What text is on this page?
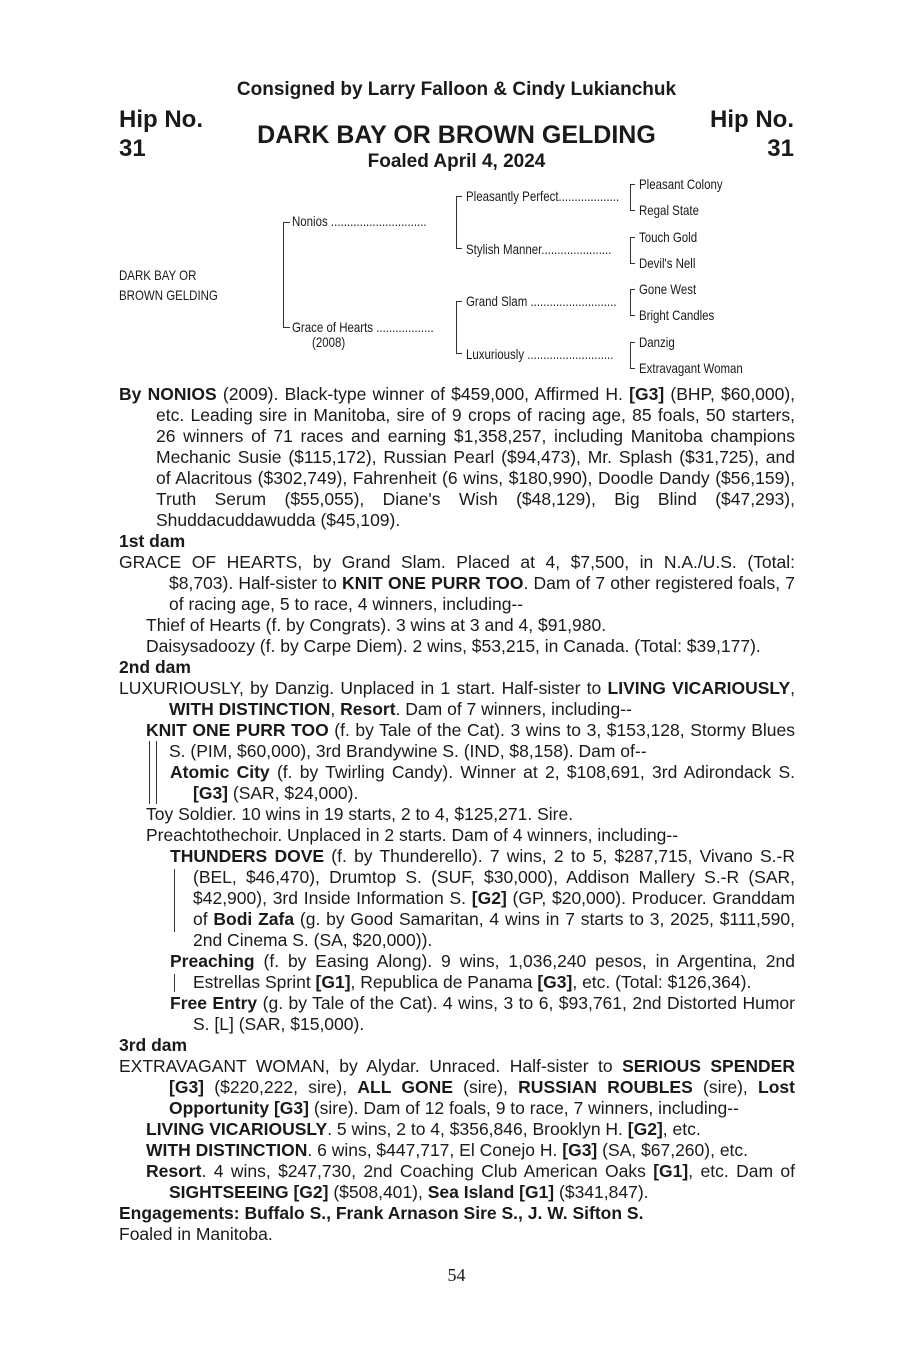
Consigned by Larry Falloon & Cindy Lukianchuk
Hip No.
31
Hip No.
31
DARK BAY OR BROWN GELDING
Foaled April 4, 2024
DARK BAY OR
BROWN GELDING
Nonios ..............................
Grace of Hearts ..................
(2008)
Pleasantly Perfect...................
Stylish Manner......................
Grand Slam ...........................
Luxuriously ...........................
Pleasant Colony
Regal State
Touch Gold
Devil's Nell
Gone West
Bright Candles
Danzig
Extravagant Woman

By NONIOS (2009). Black-type winner of $459,000, Affirmed H. [G3] (BHP, $60,000), etc. Leading sire in Manitoba, sire of 9 crops of racing age, 85 foals, 50 starters, 26 winners of 71 races and earning $1,358,257, including Manitoba champions Mechanic Susie ($115,172), Russian Pearl ($94,473), Mr. Splash ($31,725), and of Alacritous ($302,749), Fahrenheit (6 wins, $180,990), Doodle Dandy ($56,159), Truth Serum ($55,055), Diane's Wish ($48,129), Big Blind ($47,293), Shuddacuddawudda ($45,109).

1st dam

GRACE OF HEARTS, by Grand Slam. Placed at 4, $7,500, in N.A./U.S. (Total: $8,703). Half-sister to KNIT ONE PURR TOO. Dam of 7 other registered foals, 7 of racing age, 5 to race, 4 winners, including--

Thief of Hearts (f. by Congrats). 3 wins at 3 and 4, $91,980.

Daisysadoozy (f. by Carpe Diem). 2 wins, $53,215, in Canada. (Total: $39,177).

2nd dam

LUXURIOUSLY, by Danzig. Unplaced in 1 start. Half-sister to LIVING VICARIOUSLY, WITH DISTINCTION, Resort. Dam of 7 winners, including--

KNIT ONE PURR TOO (f. by Tale of the Cat). 3 wins to 3, $153,128, Stormy Blues S. (PIM, $60,000), 3rd Brandywine S. (IND, $8,158). Dam of--

Atomic City (f. by Twirling Candy). Winner at 2, $108,691, 3rd Adirondack S. [G3] (SAR, $24,000).

Toy Soldier. 10 wins in 19 starts, 2 to 4, $125,271. Sire.

Preachtothechoir. Unplaced in 2 starts. Dam of 4 winners, including--

THUNDERS DOVE (f. by Thunderello). 7 wins, 2 to 5, $287,715, Vivano S.-R (BEL, $46,470), Drumtop S. (SUF, $30,000), Addison Mallery S.-R (SAR, $42,900), 3rd Inside Information S. [G2] (GP, $20,000). Producer. Granddam of Bodi Zafa (g. by Good Samaritan, 4 wins in 7 starts to 3, 2025, $111,590, 2nd Cinema S. (SA, $20,000)).

Preaching (f. by Easing Along). 9 wins, 1,036,240 pesos, in Argentina, 2nd Estrellas Sprint [G1], Republica de Panama [G3], etc. (Total: $126,364).

Free Entry (g. by Tale of the Cat). 4 wins, 3 to 6, $93,761, 2nd Distorted Humor S. [L] (SAR, $15,000).

3rd dam

EXTRAVAGANT WOMAN, by Alydar. Unraced. Half-sister to SERIOUS SPENDER [G3] ($220,222, sire), ALL GONE (sire), RUSSIAN ROUBLES (sire), Lost Opportunity [G3] (sire). Dam of 12 foals, 9 to race, 7 winners, including--

LIVING VICARIOUSLY. 5 wins, 2 to 4, $356,846, Brooklyn H. [G2], etc.

WITH DISTINCTION. 6 wins, $447,717, El Conejo H. [G3] (SA, $67,260), etc.

Resort. 4 wins, $247,730, 2nd Coaching Club American Oaks [G1], etc. Dam of SIGHTSEEING [G2] ($508,401), Sea Island [G1] ($341,847).

Engagements: Buffalo S., Frank Arnason Sire S., J. W. Sifton S.

Foaled in Manitoba.

54
